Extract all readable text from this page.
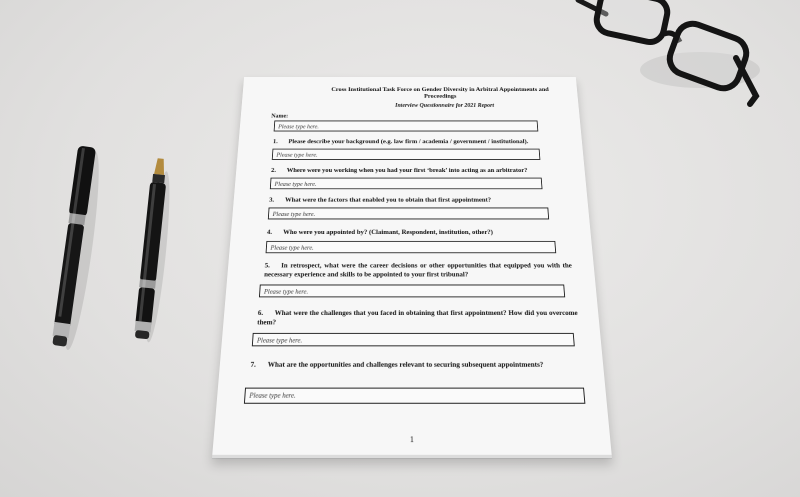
Cross Institutional Task Force on Gender Diversity in Arbitral Appointments and Proceedings
Interview Questionnaire for 2021 Report
Name:
Please type here.
1. Please describe your background (e.g. law firm / academia / government / institutional).
Please type here.
2. Where were you working when you had your first ‘break’ into acting as an arbitrator?
Please type here.
3. What were the factors that enabled you to obtain that first appointment?
Please type here.
4. Who were you appointed by? (Claimant, Respondent, institution, other?)
Please type here.
5. In retrospect, what were the career decisions or other opportunities that equipped you with the necessary experience and skills to be appointed to your first tribunal?
Please type here.
6. What were the challenges that you faced in obtaining that first appointment? How did you overcome them?
Please type here.
7. What are the opportunities and challenges relevant to securing subsequent appointments?
Please type here.
1
